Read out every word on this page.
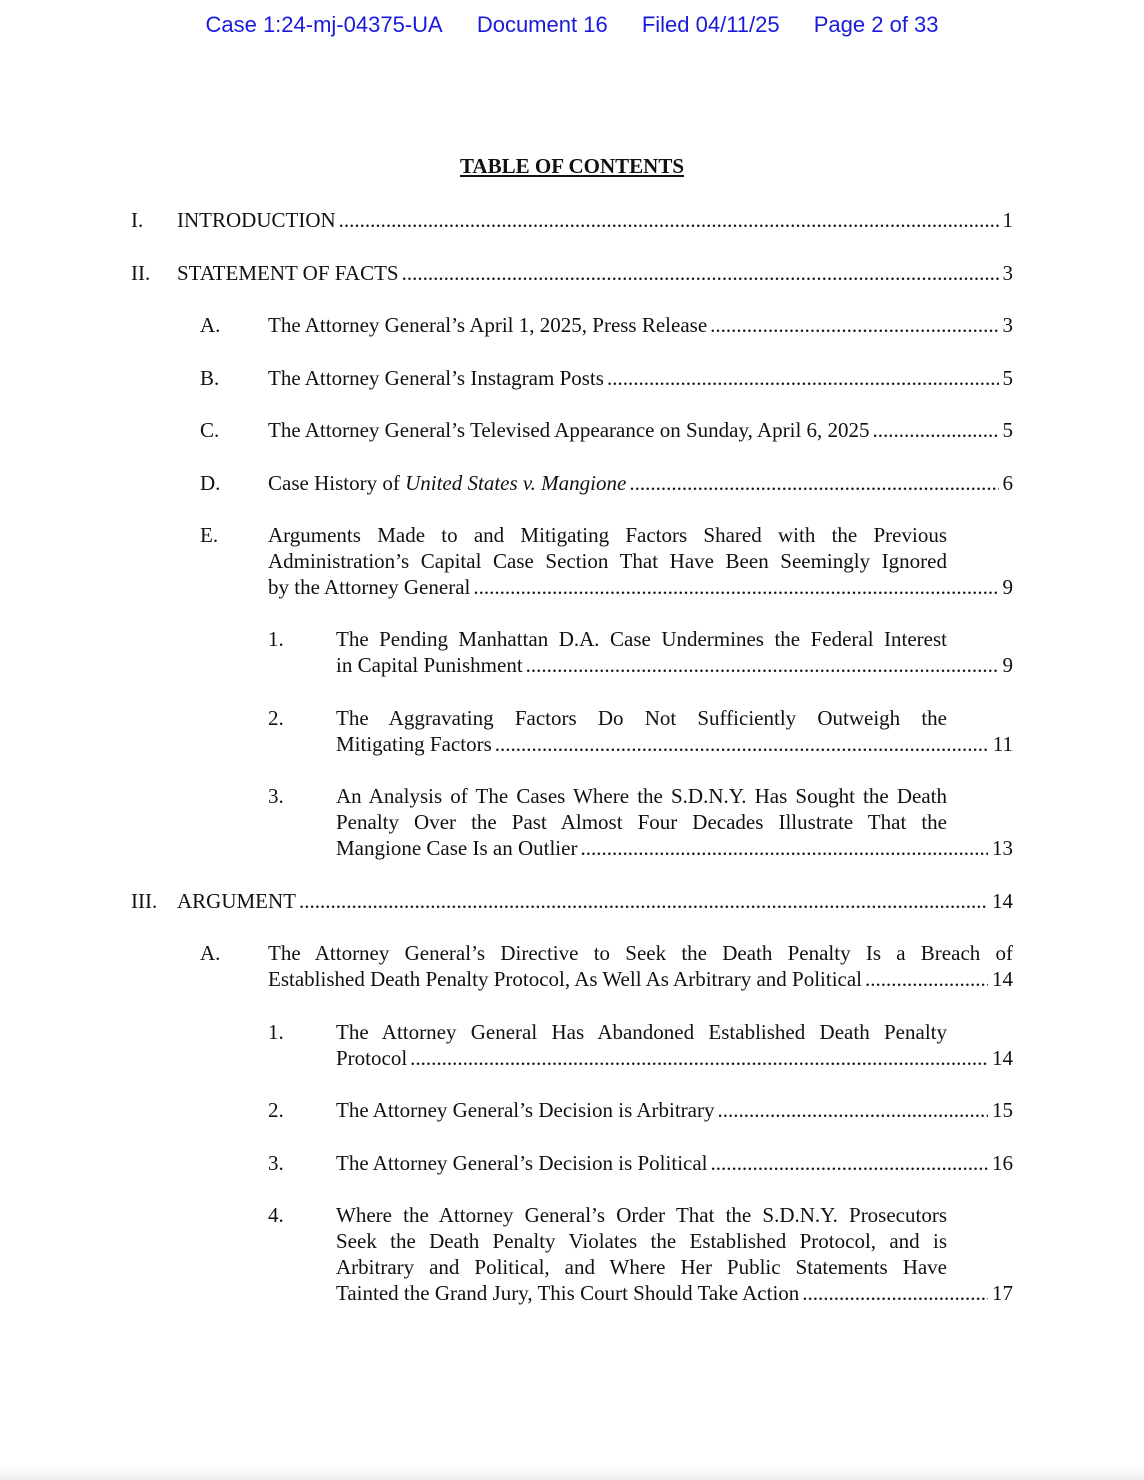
Case 1:24-mj-04375-UA Document 16 Filed 04/11/25 Page 2 of 33
TABLE OF CONTENTS
I. INTRODUCTION .....	1
II. STATEMENT OF FACTS .....	3
A. The Attorney General’s April 1, 2025, Press Release .....	3
B. The Attorney General’s Instagram Posts .....	5
C. The Attorney General’s Televised Appearance on Sunday, April 6, 2025 .....	5
D. Case History of United States v. Mangione .....	6
E. Arguments Made to and Mitigating Factors Shared with the Previous
Administration’s Capital Case Section That Have Been Seemingly Ignored
by the Attorney General .....	9
1. The Pending Manhattan D.A. Case Undermines the Federal Interest
in Capital Punishment .....	9
2. The Aggravating Factors Do Not Sufficiently Outweigh the
Mitigating Factors .....	11
3. An Analysis of The Cases Where the S.D.N.Y. Has Sought the Death
Penalty Over the Past Almost Four Decades Illustrate That the
Mangione Case Is an Outlier .....	13
III. ARGUMENT .....	14
A. The Attorney General’s Directive to Seek the Death Penalty Is a Breach of
Established Death Penalty Protocol, As Well As Arbitrary and Political .....	14
1. The Attorney General Has Abandoned Established Death Penalty
Protocol .....	14
2. The Attorney General’s Decision is Arbitrary .....	15
3. The Attorney General’s Decision is Political .....	16
4. Where the Attorney General’s Order That the S.D.N.Y. Prosecutors
Seek the Death Penalty Violates the Established Protocol, and is
Arbitrary and Political, and Where Her Public Statements Have
Tainted the Grand Jury, This Court Should Take Action .....	17
